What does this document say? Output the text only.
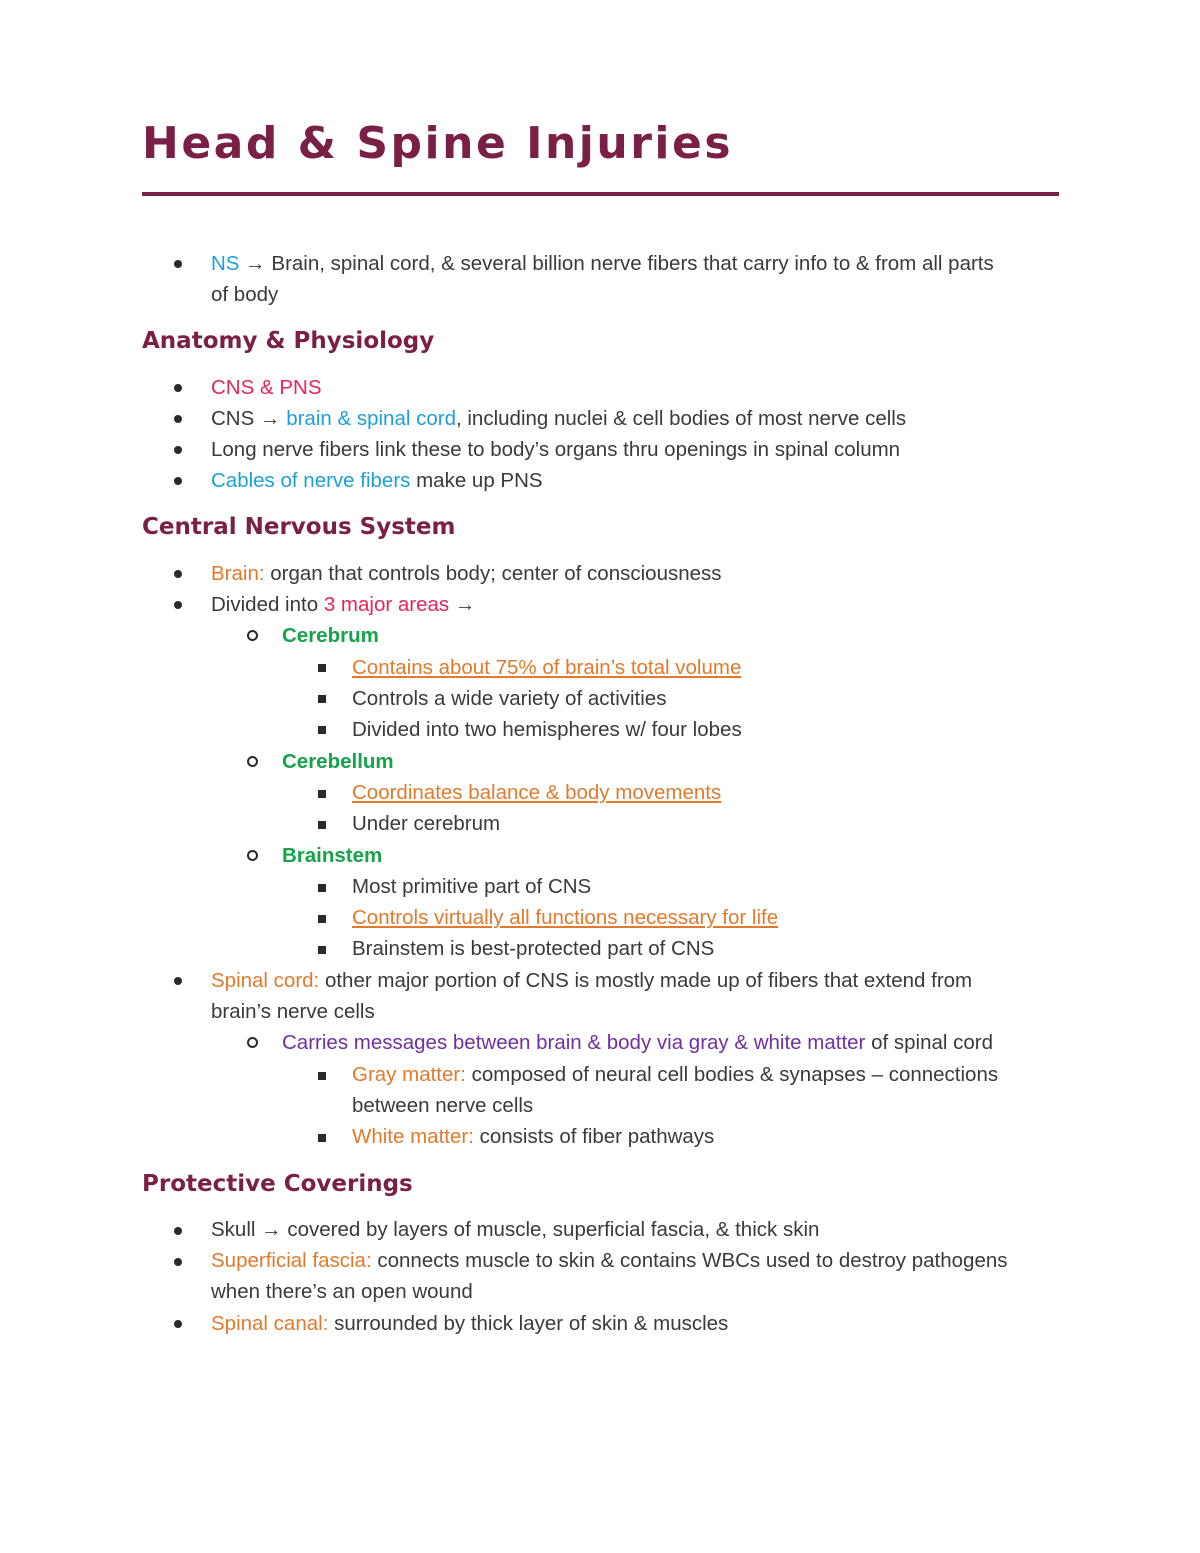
Head & Spine Injuries
NS → Brain, spinal cord, & several billion nerve fibers that carry info to & from all parts
of body
Anatomy & Physiology
CNS & PNS
CNS → brain & spinal cord, including nuclei & cell bodies of most nerve cells
Long nerve fibers link these to body’s organs thru openings in spinal column
Cables of nerve fibers make up PNS
Central Nervous System
Brain: organ that controls body; center of consciousness
Divided into 3 major areas →
Cerebrum
Contains about 75% of brain’s total volume
Controls a wide variety of activities
Divided into two hemispheres w/ four lobes
Cerebellum
Coordinates balance & body movements
Under cerebrum
Brainstem
Most primitive part of CNS
Controls virtually all functions necessary for life
Brainstem is best-protected part of CNS
Spinal cord: other major portion of CNS is mostly made up of fibers that extend from
brain’s nerve cells
Carries messages between brain & body via gray & white matter of spinal cord
Gray matter: composed of neural cell bodies & synapses – connections
between nerve cells
White matter: consists of fiber pathways
Protective Coverings
Skull → covered by layers of muscle, superficial fascia, & thick skin
Superficial fascia: connects muscle to skin & contains WBCs used to destroy pathogens
when there’s an open wound
Spinal canal: surrounded by thick layer of skin & muscles
